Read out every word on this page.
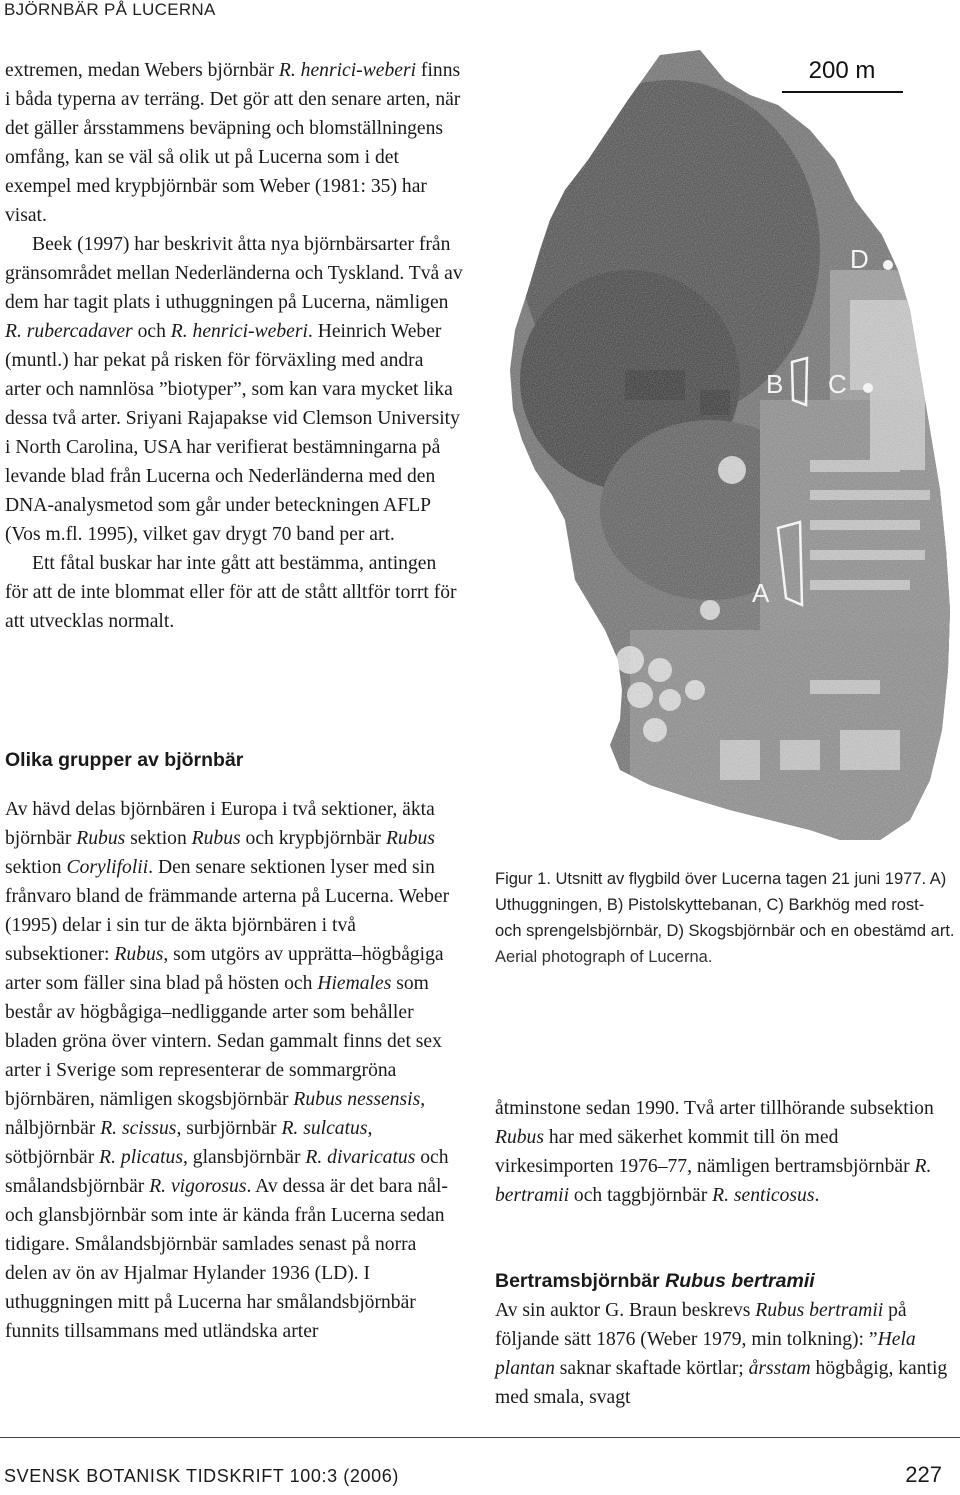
BJÖRNBÄR PÅ LUCERNA

extremen, medan Webers björnbär R. henrici-weberi finns i båda typerna av terräng. Det gör att den senare arten, när det gäller årsstammens beväpning och blomställningens omfång, kan se väl så olik ut på Lucerna som i det exempel med krypbjörnbär som Weber (1981: 35) har visat.

Beek (1997) har beskrivit åtta nya björnbärsarter från gränsområdet mellan Nederländerna och Tyskland. Två av dem har tagit plats i uthuggningen på Lucerna, nämligen R. rubercadaver och R. henrici-weberi. Heinrich Weber (muntl.) har pekat på risken för förväxling med andra arter och namnlösa ”biotyper”, som kan vara mycket lika dessa två arter. Sriyani Rajapakse vid Clemson University i North Carolina, USA har verifierat bestämningarna på levande blad från Lucerna och Nederländerna med den DNA-analysmetod som går under beteckningen AFLP (Vos m.fl. 1995), vilket gav drygt 70 band per art.

Ett fåtal buskar har inte gått att bestämma, antingen för att de inte blommat eller för att de stått alltför torrt för att utvecklas normalt.

Olika grupper av björnbär

Av hävd delas björnbären i Europa i två sektioner, äkta björnbär Rubus sektion Rubus och krypbjörnbär Rubus sektion Corylifolii. Den senare sektionen lyser med sin frånvaro bland de främmande arterna på Lucerna. Weber (1995) delar i sin tur de äkta björnbären i två subsektioner: Rubus, som utgörs av upprätta–högbågiga arter som fäller sina blad på hösten och Hiemales som består av högbågiga–nedliggande arter som behåller bladen gröna över vintern. Sedan gammalt finns det sex arter i Sverige som representerar de sommargröna björnbären, nämligen skogsbjörnbär Rubus nessensis, nålbjörnbär R. scissus, surbjörnbär R. sulcatus, sötbjörnbär R. plicatus, glansbjörnbär R. divaricatus och smålandsbjörnbär R. vigorosus. Av dessa är det bara nål- och glansbjörnbär som inte är kända från Lucerna sedan tidigare. Smålandsbjörnbär samlades senast på norra delen av ön av Hjalmar Hylander 1936 (LD). I uthuggningen mitt på Lucerna har smålandsbjörnbär funnits tillsammans med utländska arter

200 m
D
B C
A
Figur 1. Utsnitt av flygbild över Lucerna tagen 21 juni 1977. A) Uthuggningen, B) Pistolskyttebanan, C) Barkhög med rost- och sprengelsbjörnbär, D) Skogsbjörnbär och en obestämd art.
Aerial photograph of Lucerna.

åtminstone sedan 1990. Två arter tillhörande subsektion Rubus har med säkerhet kommit till ön med virkesimporten 1976–77, nämligen bertramsbjörnbär R. bertramii och taggbjörnbär R. senticosus.

Bertramsbjörnbär Rubus bertramii

Av sin auktor G. Braun beskrevs Rubus bertramii på följande sätt 1876 (Weber 1979, min tolkning): ”Hela plantan saknar skaftade körtlar; årsstam högbågig, kantig med smala, svagt

SVENSK BOTANISK TIDSKRIFT 100:3 (2006)	227
